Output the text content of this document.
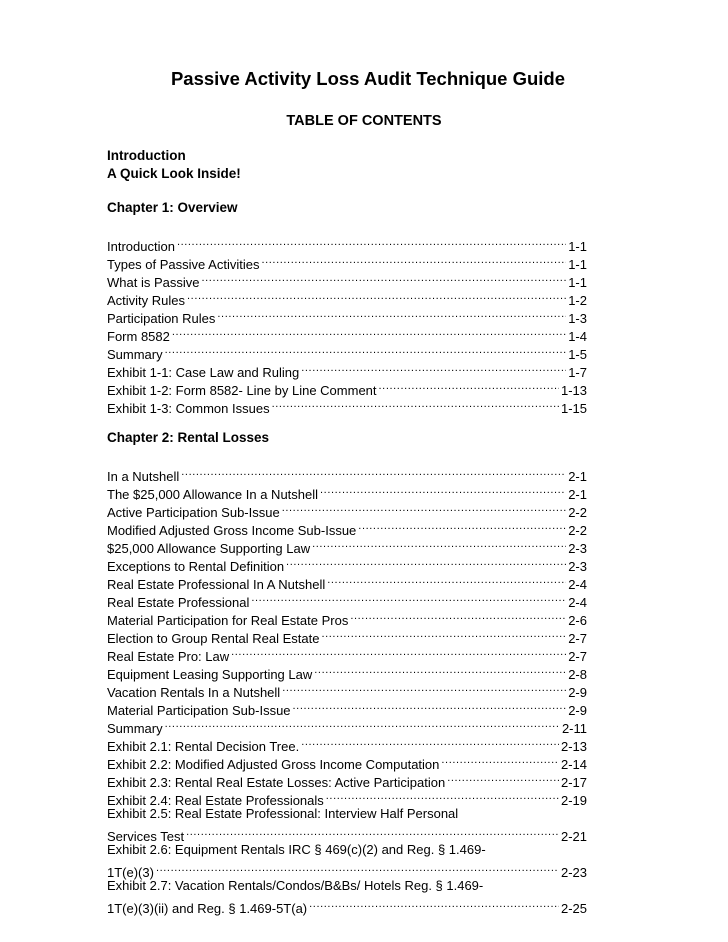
Passive Activity Loss Audit Technique Guide
TABLE OF CONTENTS
Introduction
A Quick Look Inside!
Chapter 1: Overview
Introduction .....	1-1
Types of Passive Activities .....	1-1
What is Passive .....	1-1
Activity Rules .....	1-2
Participation Rules .....	1-3
Form 8582 .....	1-4
Summary .....	1-5
Exhibit 1-1: Case Law and Ruling .....	1-7
Exhibit 1-2: Form 8582- Line by Line Comment .....	1-13
Exhibit 1-3: Common Issues .....	1-15
Chapter 2: Rental Losses
In a Nutshell .....	2-1
The $25,000 Allowance In a Nutshell .....	2-1
Active Participation Sub-Issue .....	2-2
Modified Adjusted Gross Income Sub-Issue .....	2-2
$25,000 Allowance Supporting Law .....	2-3
Exceptions to Rental Definition .....	2-3
Real Estate Professional In A Nutshell .....	2-4
Real Estate Professional .....	2-4
Material Participation for Real Estate Pros .....	2-6
Election to Group Rental Real Estate .....	2-7
Real Estate Pro: Law .....	2-7
Equipment Leasing Supporting Law .....	2-8
Vacation Rentals In a Nutshell .....	2-9
Material Participation Sub-Issue .....	2-9
Summary .....	2-11
Exhibit 2.1: Rental Decision Tree. .....	2-13
Exhibit 2.2: Modified Adjusted Gross Income Computation .....	2-14
Exhibit 2.3: Rental Real Estate Losses: Active Participation .....	2-17
Exhibit 2.4: Real Estate Professionals .....	2-19
Exhibit 2.5: Real Estate Professional: Interview Half Personal
Services Test .....	2-21
Exhibit 2.6: Equipment Rentals IRC § 469(c)(2) and Reg. § 1.469-
1T(e)(3) .....	2-23
Exhibit 2.7: Vacation Rentals/Condos/B&Bs/ Hotels Reg. § 1.469-
1T(e)(3)(ii) and Reg. § 1.469-5T(a) .....	2-25
